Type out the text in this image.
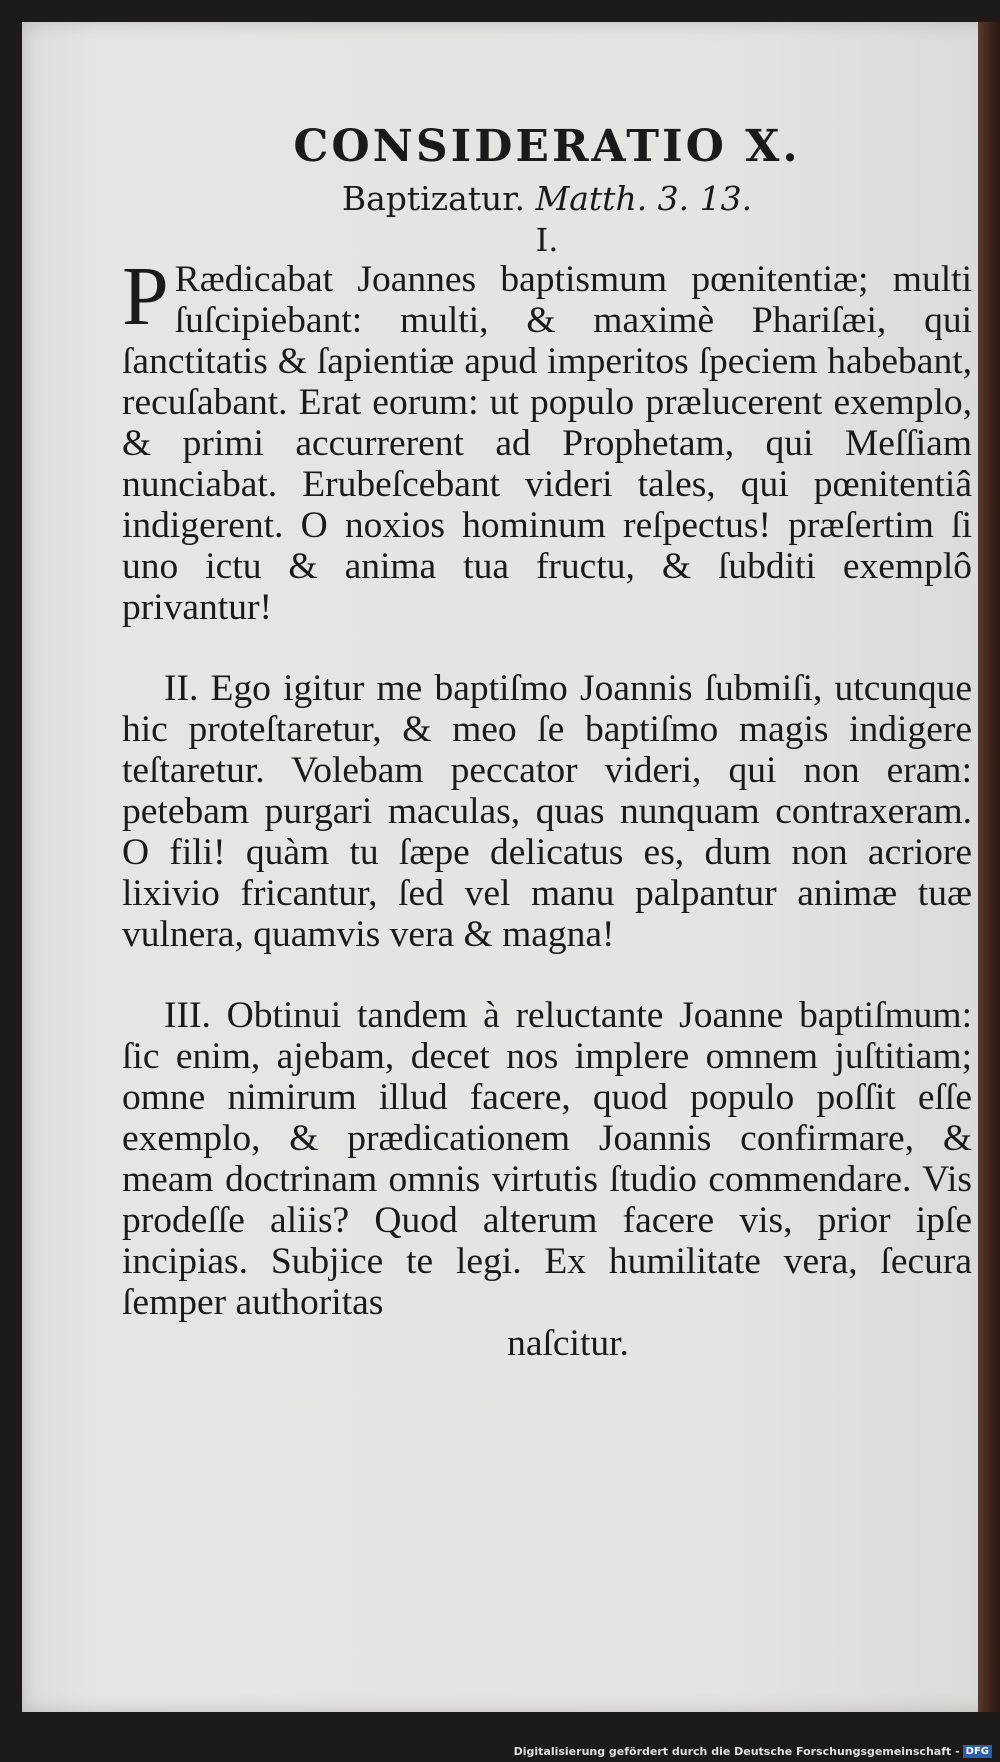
CONSIDERATIO X.

Baptizatur. Matth. 3. 13.

I.

P Rædicabat Joannes baptismum pœnitentiæ; multi ſuſcipiebant: multi, & maximè Phariſæi, qui ſanctitatis & ſapientiæ apud imperitos ſpeciem habebant, recuſabant. Erat eorum: ut populo prælucerent exemplo, & primi accurrerent ad Prophetam, qui Meſſiam nunciabat. Erubeſcebant videri tales, qui pœnitentiâ indigerent. O noxios hominum reſpectus! præſertim ſi uno ictu & anima tua fructu, & ſubditi exemplô privantur!

II. Ego igitur me baptiſmo Joannis ſubmiſi, utcunque hic proteſtaretur, & meo ſe baptiſmo magis indigere teſtaretur. Volebam peccator videri, qui non eram: petebam purgari maculas, quas nunquam contraxeram. O fili! quàm tu ſæpe delicatus es, dum non acriore lixivio fricantur, ſed vel manu palpantur animæ tuæ vulnera, quamvis vera & magna!

III. Obtinui tandem à reluctante Joanne baptiſmum: ſic enim, ajebam, decet nos implere omnem juſtitiam; omne nimirum illud facere, quod populo poſſit eſſe exemplo, & prædicationem Joannis confirmare, & meam doctrinam omnis virtutis ſtudio commendare. Vis prodeſſe aliis? Quod alterum facere vis, prior ipſe incipias. Subjice te legi. Ex humilitate vera, ſecura ſemper authoritas
naſcitur.

Digitalisierung gefördert durch die Deutsche Forschungsgemeinschaft - DFG
